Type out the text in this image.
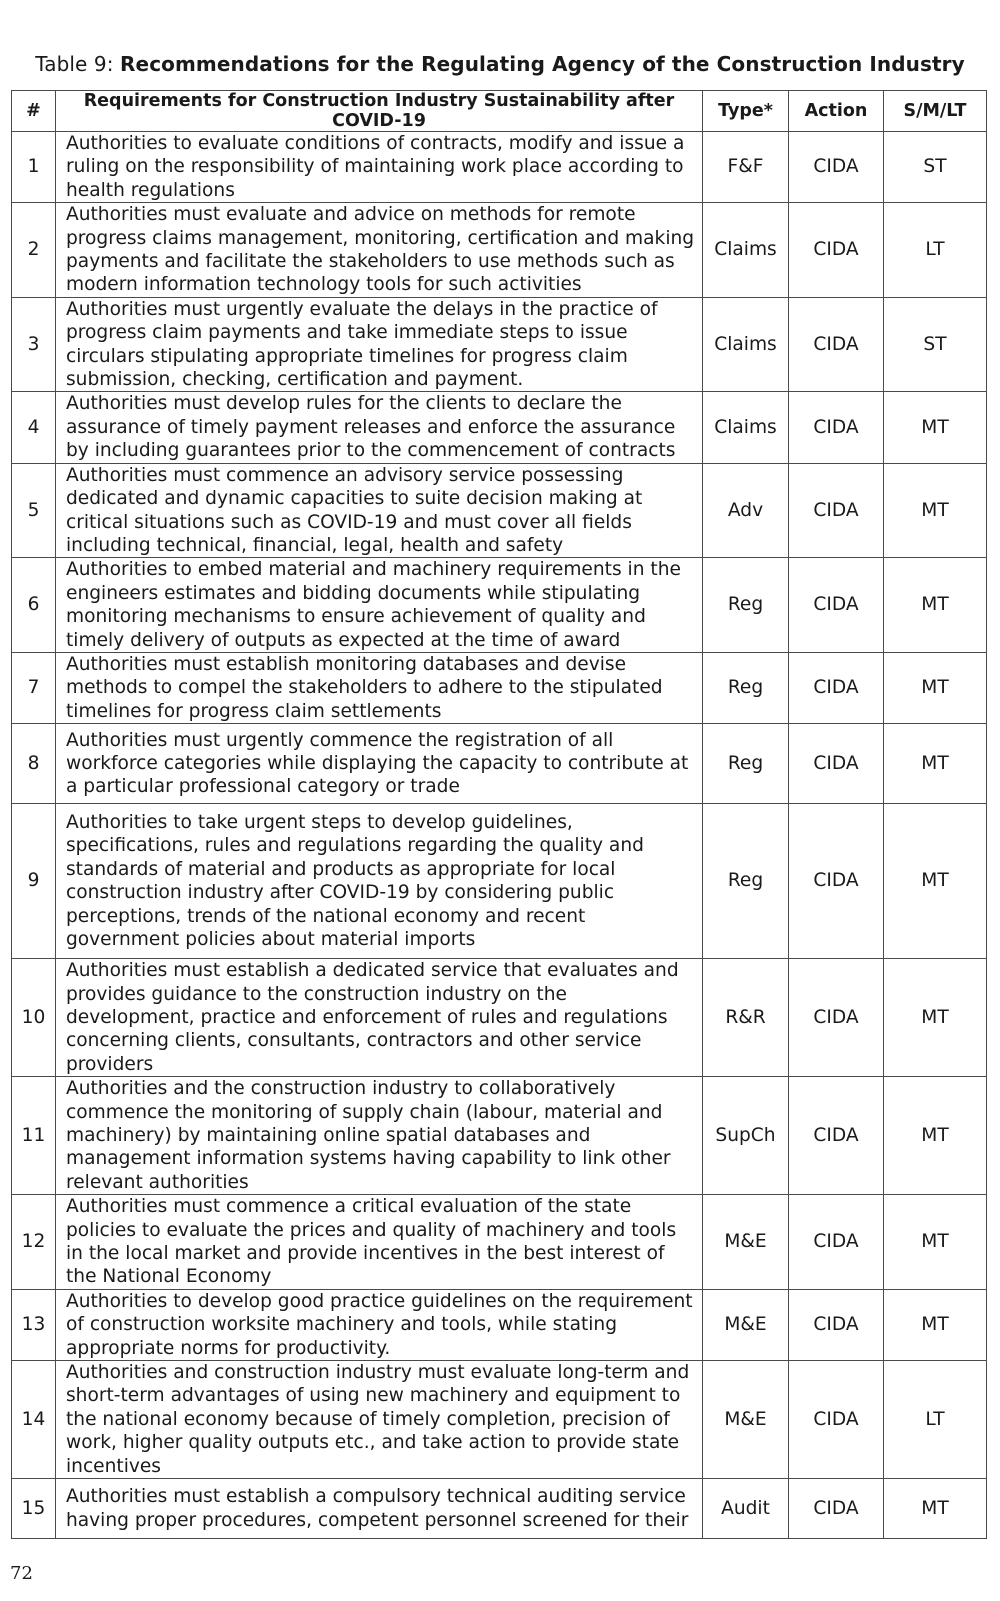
Table 9: Recommendations for the Regulating Agency of the Construction Industry
#	Requirements for Construction Industry Sustainability after COVID-19	Type*	Action	S/M/LT
1	Authorities to evaluate conditions of contracts, modify and issue a ruling on the responsibility of maintaining work place according to health regulations	F&F	CIDA	ST
2	Authorities must evaluate and advice on methods for remote progress claims management, monitoring, certification and making payments and facilitate the stakeholders to use methods such as modern information technology tools for such activities	Claims	CIDA	LT
3	Authorities must urgently evaluate the delays in the practice of progress claim payments and take immediate steps to issue circulars stipulating appropriate timelines for progress claim submission, checking, certification and payment.	Claims	CIDA	ST
4	Authorities must develop rules for the clients to declare the assurance of timely payment releases and enforce the assurance by including guarantees prior to the commencement of contracts	Claims	CIDA	MT
5	Authorities must commence an advisory service possessing dedicated and dynamic capacities to suite decision making at critical situations such as COVID-19 and must cover all fields including technical, financial, legal, health and safety	Adv	CIDA	MT
6	Authorities to embed material and machinery requirements in the engineers estimates and bidding documents while stipulating monitoring mechanisms to ensure achievement of quality and timely delivery of outputs as expected at the time of award	Reg	CIDA	MT
7	Authorities must establish monitoring databases and devise methods to compel the stakeholders to adhere to the stipulated timelines for progress claim settlements	Reg	CIDA	MT
8	Authorities must urgently commence the registration of all workforce categories while displaying the capacity to contribute at a particular professional category or trade	Reg	CIDA	MT
9	Authorities to take urgent steps to develop guidelines, specifications, rules and regulations regarding the quality and standards of material and products as appropriate for local construction industry after COVID-19 by considering public perceptions, trends of the national economy and recent government policies about material imports	Reg	CIDA	MT
10	Authorities must establish a dedicated service that evaluates and provides guidance to the construction industry on the development, practice and enforcement of rules and regulations concerning clients, consultants, contractors and other service providers	R&R	CIDA	MT
11	Authorities and the construction industry to collaboratively commence the monitoring of supply chain (labour, material and machinery) by maintaining online spatial databases and management information systems having capability to link other relevant authorities	SupCh	CIDA	MT
12	Authorities must commence a critical evaluation of the state policies to evaluate the prices and quality of machinery and tools in the local market and provide incentives in the best interest of the National Economy	M&E	CIDA	MT
13	Authorities to develop good practice guidelines on the requirement of construction worksite machinery and tools, while stating appropriate norms for productivity.	M&E	CIDA	MT
14	Authorities and construction industry must evaluate long-term and short-term advantages of using new machinery and equipment to the national economy because of timely completion, precision of work, higher quality outputs etc., and take action to provide state incentives	M&E	CIDA	LT
15	Authorities must establish a compulsory technical auditing service having proper procedures, competent personnel screened for their	Audit	CIDA	MT
72
